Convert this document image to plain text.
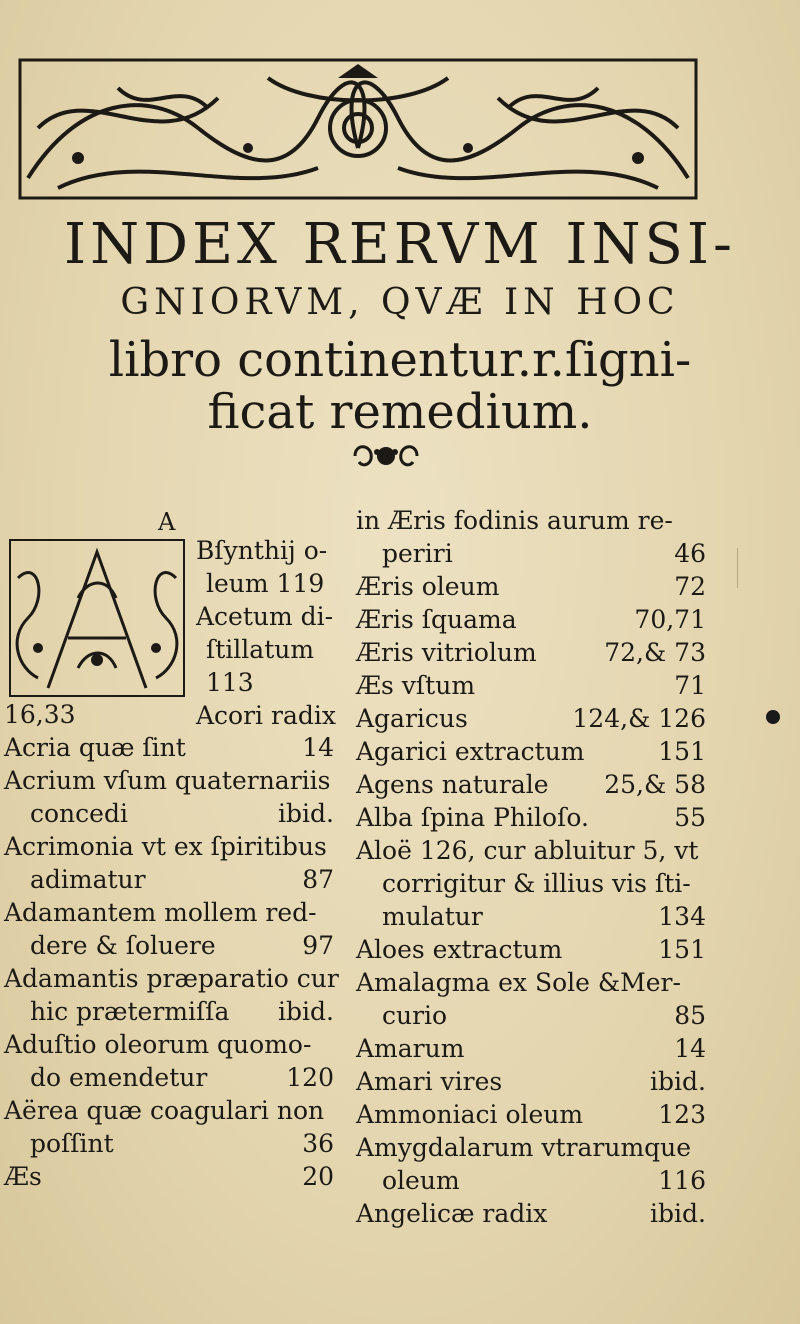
INDEX RERVM INSI-
GNIORVM, QVÆ IN HOC
libro continentur.r.ſigni-
ficat remedium.
A
Bſynthij o-
leum 119
Acetum di-
ſtillatum
113
Acori radix
16,33
Acria quæ ſint	14
Acrium vſum quaternariis
concedi	ibid.
Acrimonia vt ex ſpiritibus
adimatur	87
Adamantem mollem red-
dere & ſoluere	97
Adamantis præparatio cur
hic prætermiſſa ibid.
Aduſtio oleorum quomo-
do emendetur	120
Aërea quæ coagulari non
poſſint	36
Æs	20
in Æris fodinis aurum re-
periri	46
Æris oleum	72
Æris ſquama	70,71
Æris vitriolum	72,& 73
Æs vſtum	71
Agaricus	124,& 126
Agarici extractum	151
Agens naturale 25,& 58
Alba ſpina Philoſo.	55
Aloë 126, cur abluitur 5, vt
corrigitur & illius vis ſti-
mulatur	134
Aloes extractum	151
Amalagma ex Sole &Mer-
curio	85
Amarum	14
Amari vires	ibid.
Ammoniaci oleum	123
Amygdalarum vtrarumque
oleum	116
Angelicæ radix	ibid.
